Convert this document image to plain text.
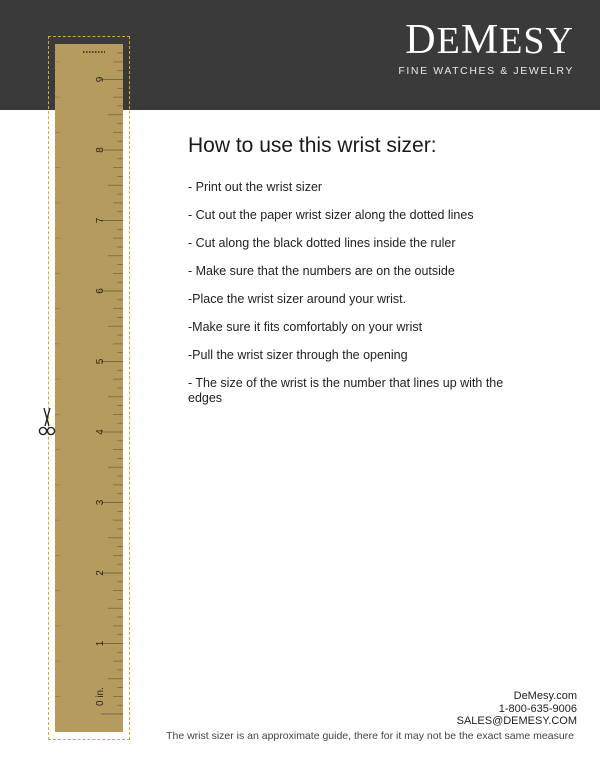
DEMESY
FINE WATCHES & JEWELRY
0 in.
1
2
3
4
5
6
7
8
9
How to use this wrist sizer:
- Print out the wrist sizer
- Cut out the paper wrist sizer along the dotted lines
- Cut along the black dotted lines inside the ruler
- Make sure that the numbers are on the outside
-Place the wrist sizer around your wrist.
-Make sure it fits comfortably on your wrist
-Pull the wrist sizer through the opening
- The size of the wrist is the number that lines up with the edges
DeMesy.com
1-800-635-9006
SALES@DEMESY.COM
The wrist sizer is an approximate guide, there for it may not be the exact same measure
